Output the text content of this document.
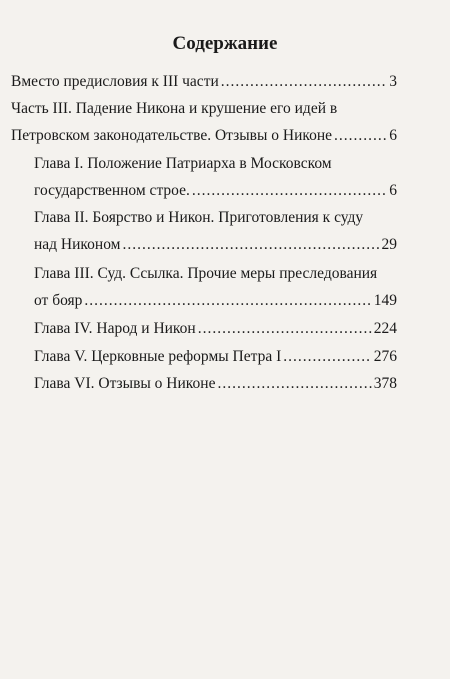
Содержание
Вместо предисловия к III части .....	3
Часть III. Падение Никона и крушение его идей в
Петровском законодательстве. Отзывы о Никоне .....	6
Глава I. Положение Патриарха в Московском
государственном строе. .....	6
Глава II. Боярство и Никон. Приготовления к суду
над Никоном .....	29
Глава III. Суд. Ссылка. Прочие меры преследования
от бояр .....	149
Глава IV. Народ и Никон .....	224
Глава V. Церковные реформы Петра I .....	276
Глава VI. Отзывы о Никоне .....	378
